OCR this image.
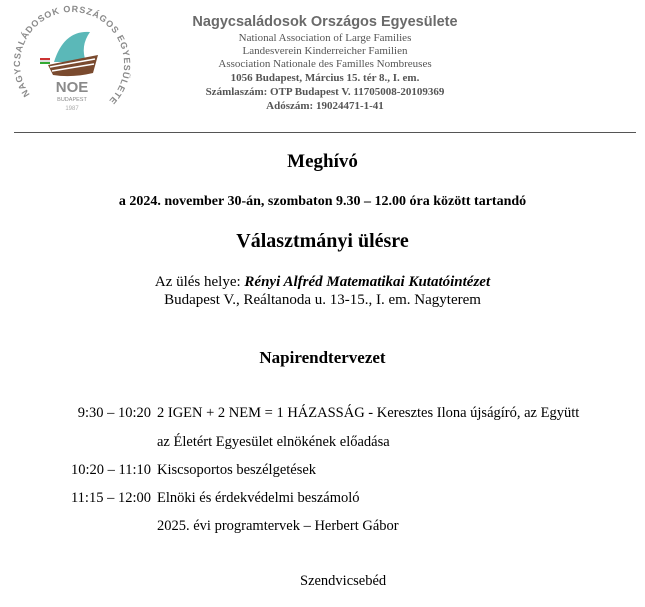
NAGYCSALÁDOSOK ORSZÁGOS EGYESÜLETE
NOE
BUDAPEST
1987
Nagycsaládosok Országos Egyesülete
National Association of Large Families
Landesverein Kinderreicher Familien
Association Nationale des Familles Nombreuses
1056 Budapest, Március 15. tér 8., I. em.
Számlaszám: OTP Budapest V. 11705008-20109369
Adószám: 19024471-1-41
Meghívó
a 2024. november 30-án, szombaton 9.30 – 12.00 óra között tartandó
Választmányi ülésre
Az ülés helye: Rényi Alfréd Matematikai Kutatóintézet
Budapest V., Reáltanoda u. 13-15., I. em. Nagyterem
Napirendtervezet
9:30 – 10:20 2 IGEN + 2 NEM = 1 HÁZASSÁG - Keresztes Ilona újságíró, az Együtt
az Életért Egyesület elnökének előadása
10:20 – 11:10 Kiscsoportos beszélgetések
11:15 – 12:00 Elnöki és érdekvédelmi beszámoló
2025. évi programtervek – Herbert Gábor
Szendvicsebéd
